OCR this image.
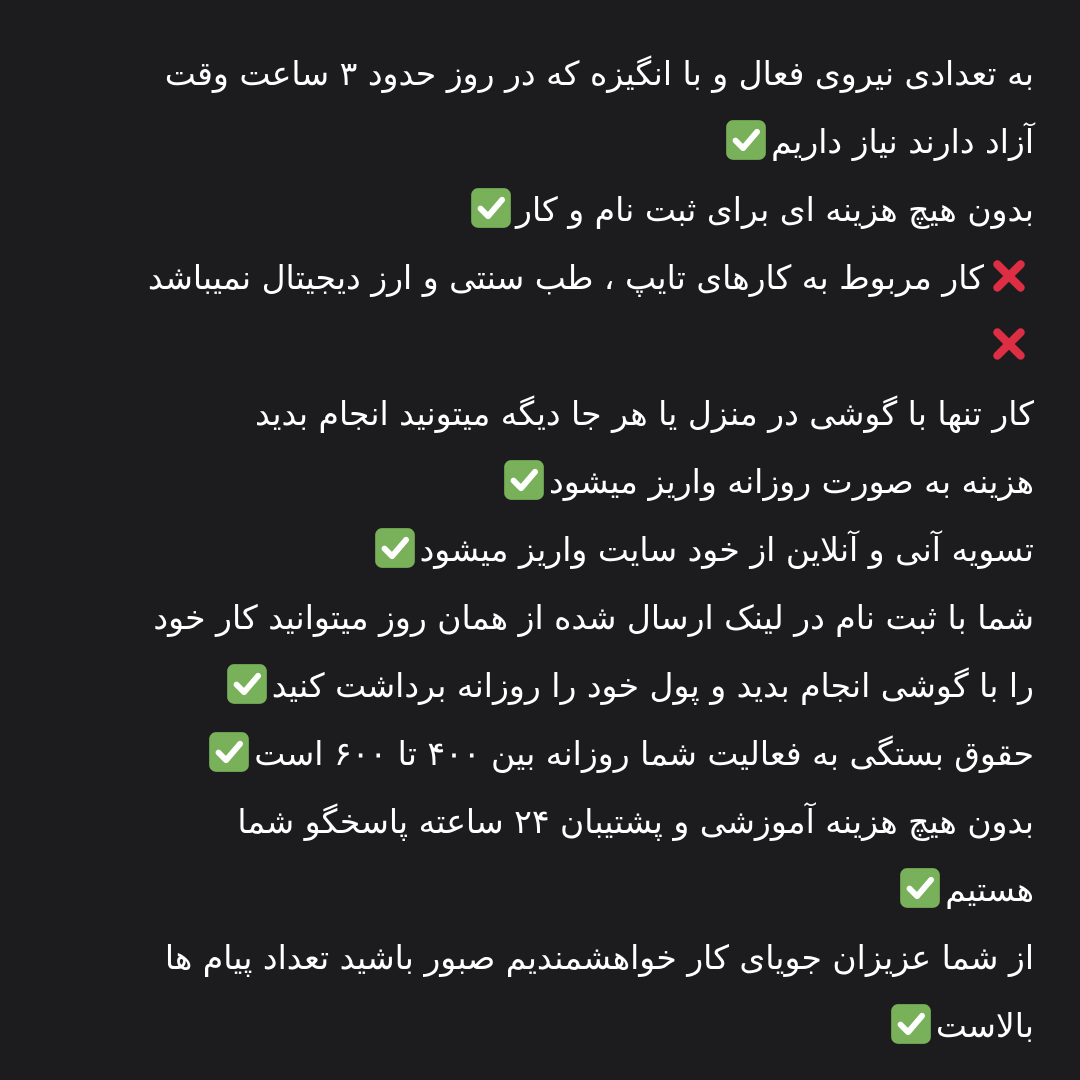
به تعدادی نیروی فعال و با انگیزه که در روز حدود ۳ ساعت وقت
آزاد دارند نیاز داریم
بدون هیچ هزینه ای برای ثبت نام و کار
کار مربوط به کارهای تایپ ، طب سنتی و ارز دیجیتال نمیباشد
کار تنها با گوشی در منزل یا هر جا دیگه میتونید انجام بدید
هزینه به صورت روزانه واریز میشود
تسویه آنی و آنلاین از خود سایت واریز میشود
شما با ثبت نام در لینک ارسال شده از همان روز میتوانید کار خود
را با گوشی انجام بدید و پول خود را روزانه برداشت کنید
حقوق بستگی به فعالیت شما روزانه بین ۴۰۰ تا ۶۰۰ است
بدون هیچ هزینه آموزشی و پشتیبان ۲۴ ساعته پاسخگو شما
هستیم
از شما عزیزان جویای کار خواهشمندیم صبور باشید تعداد پیام ها
بالاست
